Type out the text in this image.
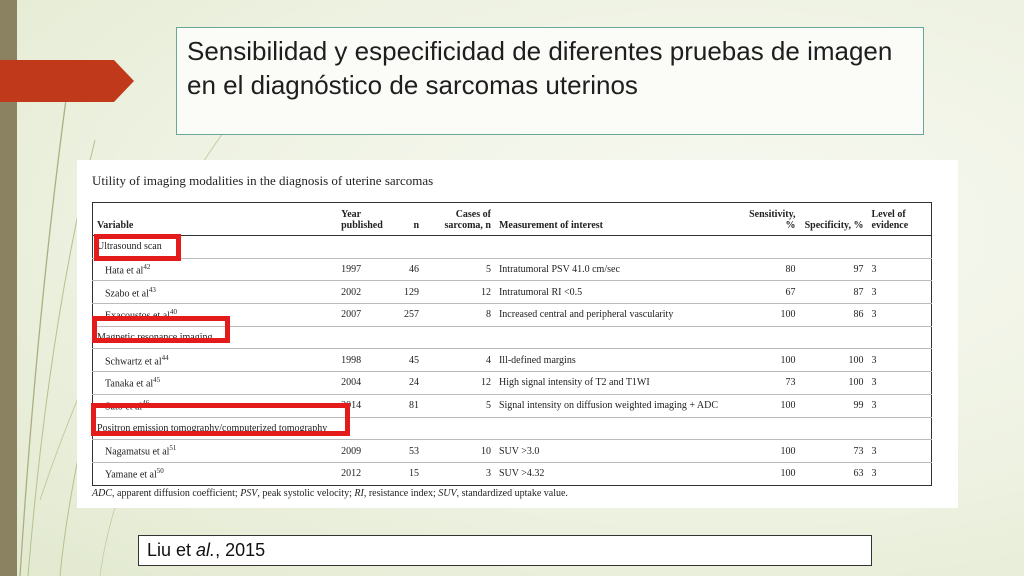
Sensibilidad y especificidad de diferentes pruebas de imagen en el diagnóstico de sarcomas uterinos
Utility of imaging modalities in the diagnosis of uterine sarcomas
Variable	Year published	n	Cases of sarcoma, n	Measurement of interest	Sensitivity, %	Specificity, %	Level of evidence
Ultrasound scan							
Hata et $al^{42}$	1997	46	5	Intratumoral PSV 41.0 cm/sec	80	97	3
Szabo et $al^{43}$	2002	129	12	Intratumoral RI <0.5	67	87	3
Exacoustos et $al^{40}$	2007	257	8	Increased central and peripheral vascularity	100	86	3
Magnetic resonance imaging							
Schwartz et $al^{44}$	1998	45	4	Ill-defined margins	100	100	3
Tanaka et $al^{45}$	2004	24	12	High signal intensity of T2 and T1WI	73	100	3
Sato et $al^{46}$	2014	81	5	Signal intensity on diffusion weighted imaging + ADC	100	99	3
Positron emission tomography/computerized tomography							
Nagamatsu et $al^{51}$	2009	53	10	SUV >3.0	100	73	3
Yamane et $al^{50}$	2012	15	3	SUV >4.32	100	63	3
ADC, apparent diffusion coefficient; PSV, peak systolic velocity; RI, resistance index; SUV, standardized uptake value.
Liu et al., 2015
